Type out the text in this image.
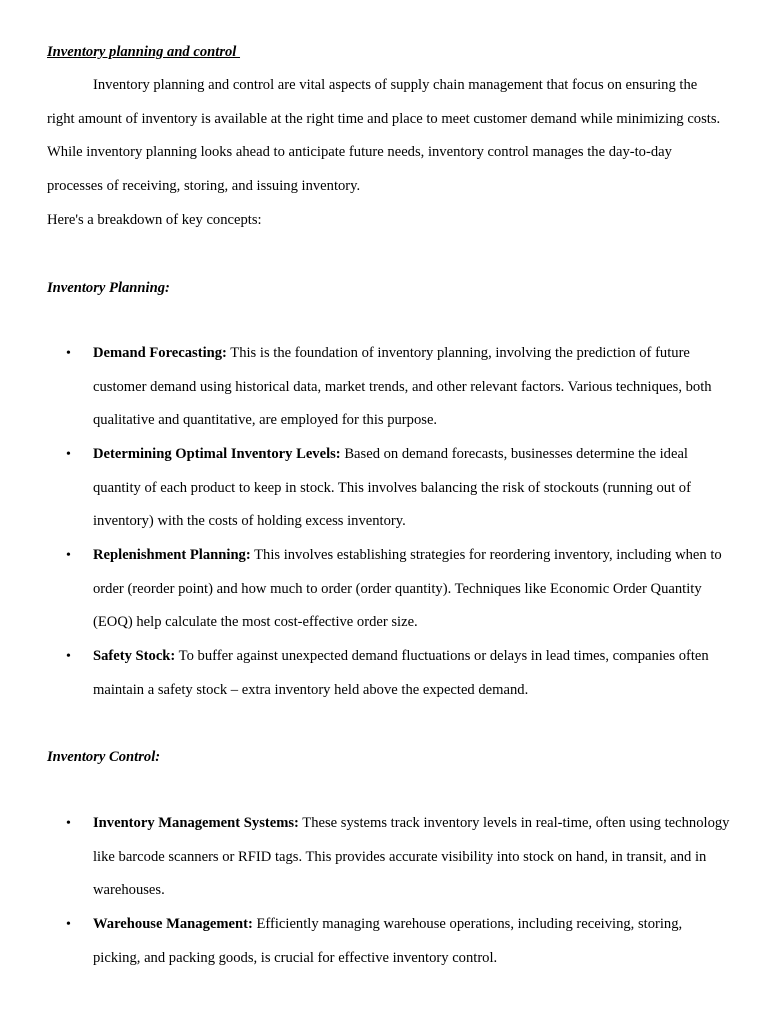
Inventory planning and control

Inventory planning and control are vital aspects of supply chain management that focus on ensuring the right amount of inventory is available at the right time and place to meet customer demand while minimizing costs. While inventory planning looks ahead to anticipate future needs, inventory control manages the day-to-day processes of receiving, storing, and issuing inventory.

Here's a breakdown of key concepts:
Inventory Planning:
• Demand Forecasting: This is the foundation of inventory planning, involving the prediction of future customer demand using historical data, market trends, and other relevant factors. Various techniques, both qualitative and quantitative, are employed for this purpose.
• Determining Optimal Inventory Levels: Based on demand forecasts, businesses determine the ideal quantity of each product to keep in stock. This involves balancing the risk of stockouts (running out of inventory) with the costs of holding excess inventory.
• Replenishment Planning: This involves establishing strategies for reordering inventory, including when to order (reorder point) and how much to order (order quantity). Techniques like Economic Order Quantity (EOQ) help calculate the most cost-effective order size.
• Safety Stock: To buffer against unexpected demand fluctuations or delays in lead times, companies often maintain a safety stock – extra inventory held above the expected demand.
Inventory Control:
• Inventory Management Systems: These systems track inventory levels in real-time, often using technology like barcode scanners or RFID tags. This provides accurate visibility into stock on hand, in transit, and in warehouses.
• Warehouse Management: Efficiently managing warehouse operations, including receiving, storing, picking, and packing goods, is crucial for effective inventory control.
